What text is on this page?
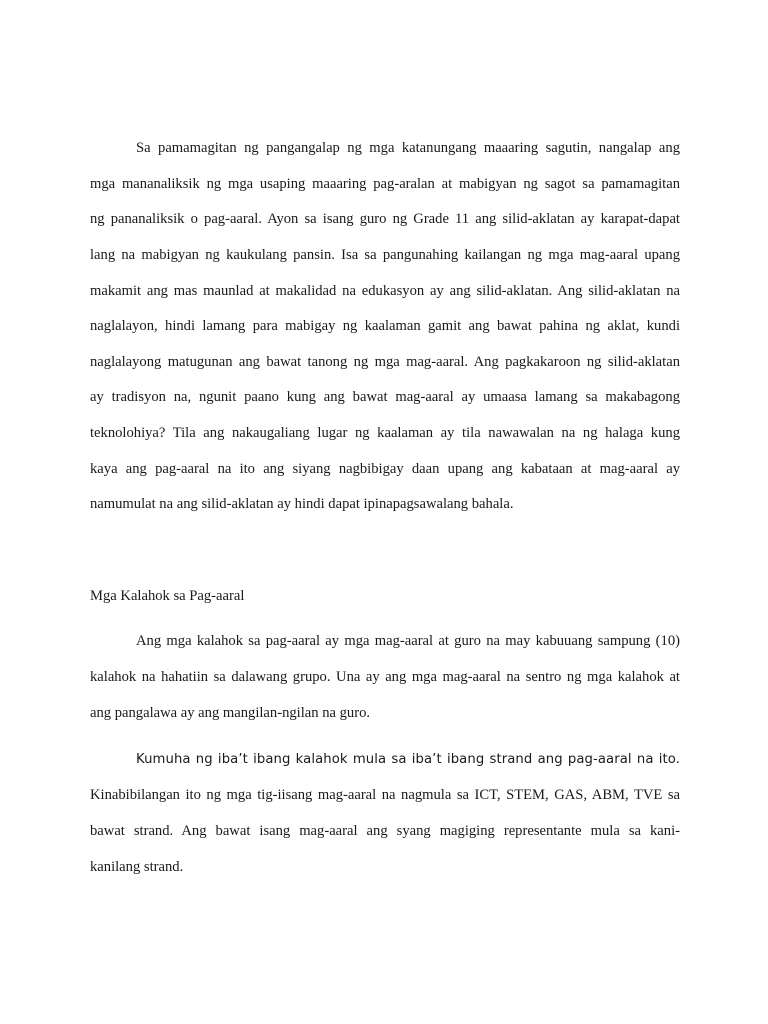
Sa pamamagitan ng pangangalap ng mga katanungang maaaring sagutin, nangalap ang
mga mananaliksik ng mga usaping maaaring pag-aralan at mabigyan ng sagot sa pamamagitan
ng pananaliksik o pag-aaral. Ayon sa isang guro ng Grade 11 ang silid-aklatan ay karapat-dapat
lang na mabigyan ng kaukulang pansin. Isa sa pangunahing kailangan ng mga mag-aaral upang
makamit ang mas maunlad at makalidad na edukasyon ay ang silid-aklatan. Ang silid-aklatan na
naglalayon, hindi lamang para mabigay ng kaalaman gamit ang bawat pahina ng aklat, kundi
naglalayong matugunan ang bawat tanong ng mga mag-aaral. Ang pagkakaroon ng silid-aklatan
ay tradisyon na, ngunit paano kung ang bawat mag-aaral ay umaasa lamang sa makabagong
teknolohiya? Tila ang nakaugaliang lugar ng kaalaman ay tila nawawalan na ng halaga kung
kaya ang pag-aaral na ito ang siyang nagbibigay daan upang ang kabataan at mag-aaral ay
namumulat na ang silid-aklatan ay hindi dapat ipinapagsawalang bahala.
Mga Kalahok sa Pag-aaral
Ang mga kalahok sa pag-aaral ay mga mag-aaral at guro na may kabuuang sampung (10)
kalahok na hahatiin sa dalawang grupo. Una ay ang mga mag-aaral na sentro ng mga kalahok at
ang pangalawa ay ang mangilan-ngilan na guro.
Kumuha ng iba’t ibang kalahok mula sa iba’t ibang strand ang pag-aaral na ito.
Kinabibilangan ito ng mga tig-iisang mag-aaral na nagmula sa ICT, STEM, GAS, ABM, TVE sa
bawat strand. Ang bawat isang mag-aaral ang syang magiging representante mula sa kani-
kanilang strand.
